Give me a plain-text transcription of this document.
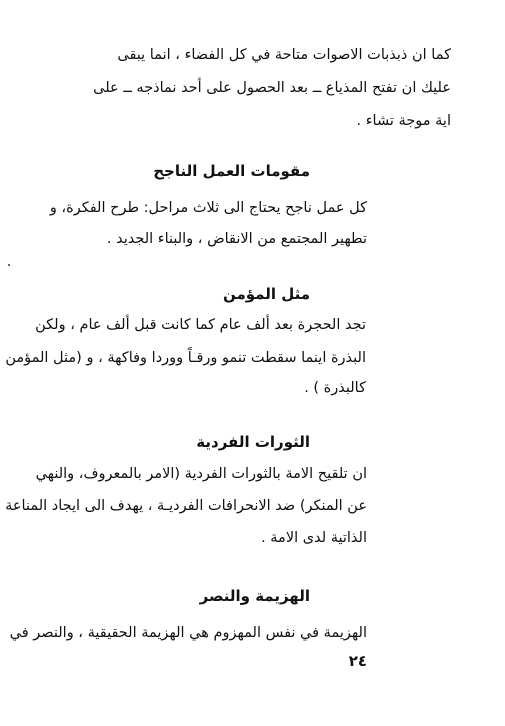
كما ان ذبذبات الاصوات متاحة في كل الفضاء ، انما يبقى

عليك ان تفتح المذياع ــ بعد الحصول على أحد نماذجه ــ على

اية موجة تشاء .

مقومات العمل الناجح

كل عمل ناجح يحتاج الى ثلاث مراحل: طرح الفكرة، و

تطهير المجتمع من الانقاض ، والبناء الجديد .

مثل المؤمن

تجد الحجرة بعد ألف عام كما كانت قبل ألف عام ، ولكن

البذرة اينما سقطت تنمو ورقـاً ووردا وفاكهة ، و (مثل المؤمن

كالبذرة ) .

الثورات الفردية

ان تلقيح الامة بالثورات الفردية (الامر بالمعروف، والنهي

عن المنكر) ضد الانحرافات الفرديـة ، يهدف الى ايجاد المناعة

الذاتية لدى الامة .

الهزيمة والنصر

الهزيمة في نفس المهزوم هي الهزيمة الحقيقية ، والنصر في

٢٤
